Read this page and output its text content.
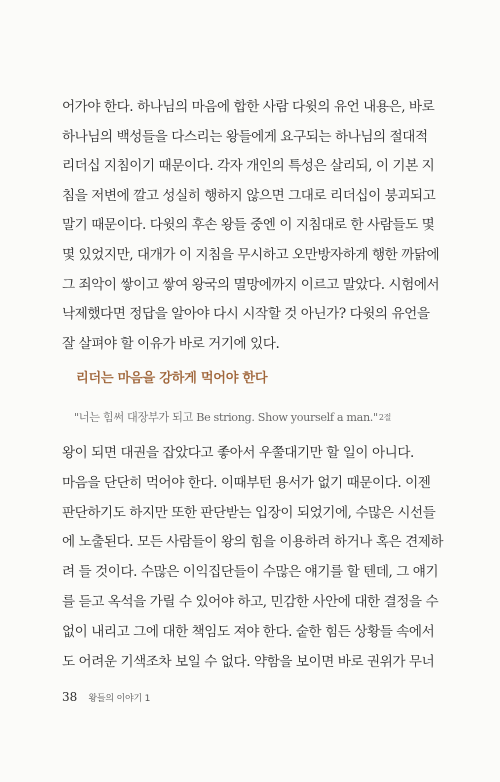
어가야 한다. 하나님의 마음에 합한 사람 다윗의 유언 내용은, 바로
하나님의 백성들을 다스리는 왕들에게 요구되는 하나님의 절대적
리더십 지침이기 때문이다. 각자 개인의 특성은 살리되, 이 기본 지
침을 저변에 깔고 성실히 행하지 않으면 그대로 리더십이 붕괴되고
말기 때문이다. 다윗의 후손 왕들 중엔 이 지침대로 한 사람들도 몇
몇 있었지만, 대개가 이 지침을 무시하고 오만방자하게 행한 까닭에
그 죄악이 쌓이고 쌓여 왕국의 멸망에까지 이르고 말았다. 시험에서
낙제했다면 정답을 알아야 다시 시작할 것 아닌가? 다윗의 유언을
잘 살펴야 할 이유가 바로 거기에 있다.
리더는 마음을 강하게 먹어야 한다
"너는 힘써 대장부가 되고 Be striong. Show yourself a man."2절
왕이 되면 대권을 잡았다고 좋아서 우쭐대기만 할 일이 아니다.
마음을 단단히 먹어야 한다. 이때부턴 용서가 없기 때문이다. 이젠
판단하기도 하지만 또한 판단받는 입장이 되었기에, 수많은 시선들
에 노출된다. 모든 사람들이 왕의 힘을 이용하려 하거나 혹은 견제하
려 들 것이다. 수많은 이익집단들이 수많은 얘기를 할 텐데, 그 얘기
를 듣고 옥석을 가릴 수 있어야 하고, 민감한 사안에 대한 결정을 수
없이 내리고 그에 대한 책임도 져야 한다. 숱한 힘든 상황들 속에서
도 어려운 기색조차 보일 수 없다. 약함을 보이면 바로 권위가 무너
38 왕들의 이야기 1
